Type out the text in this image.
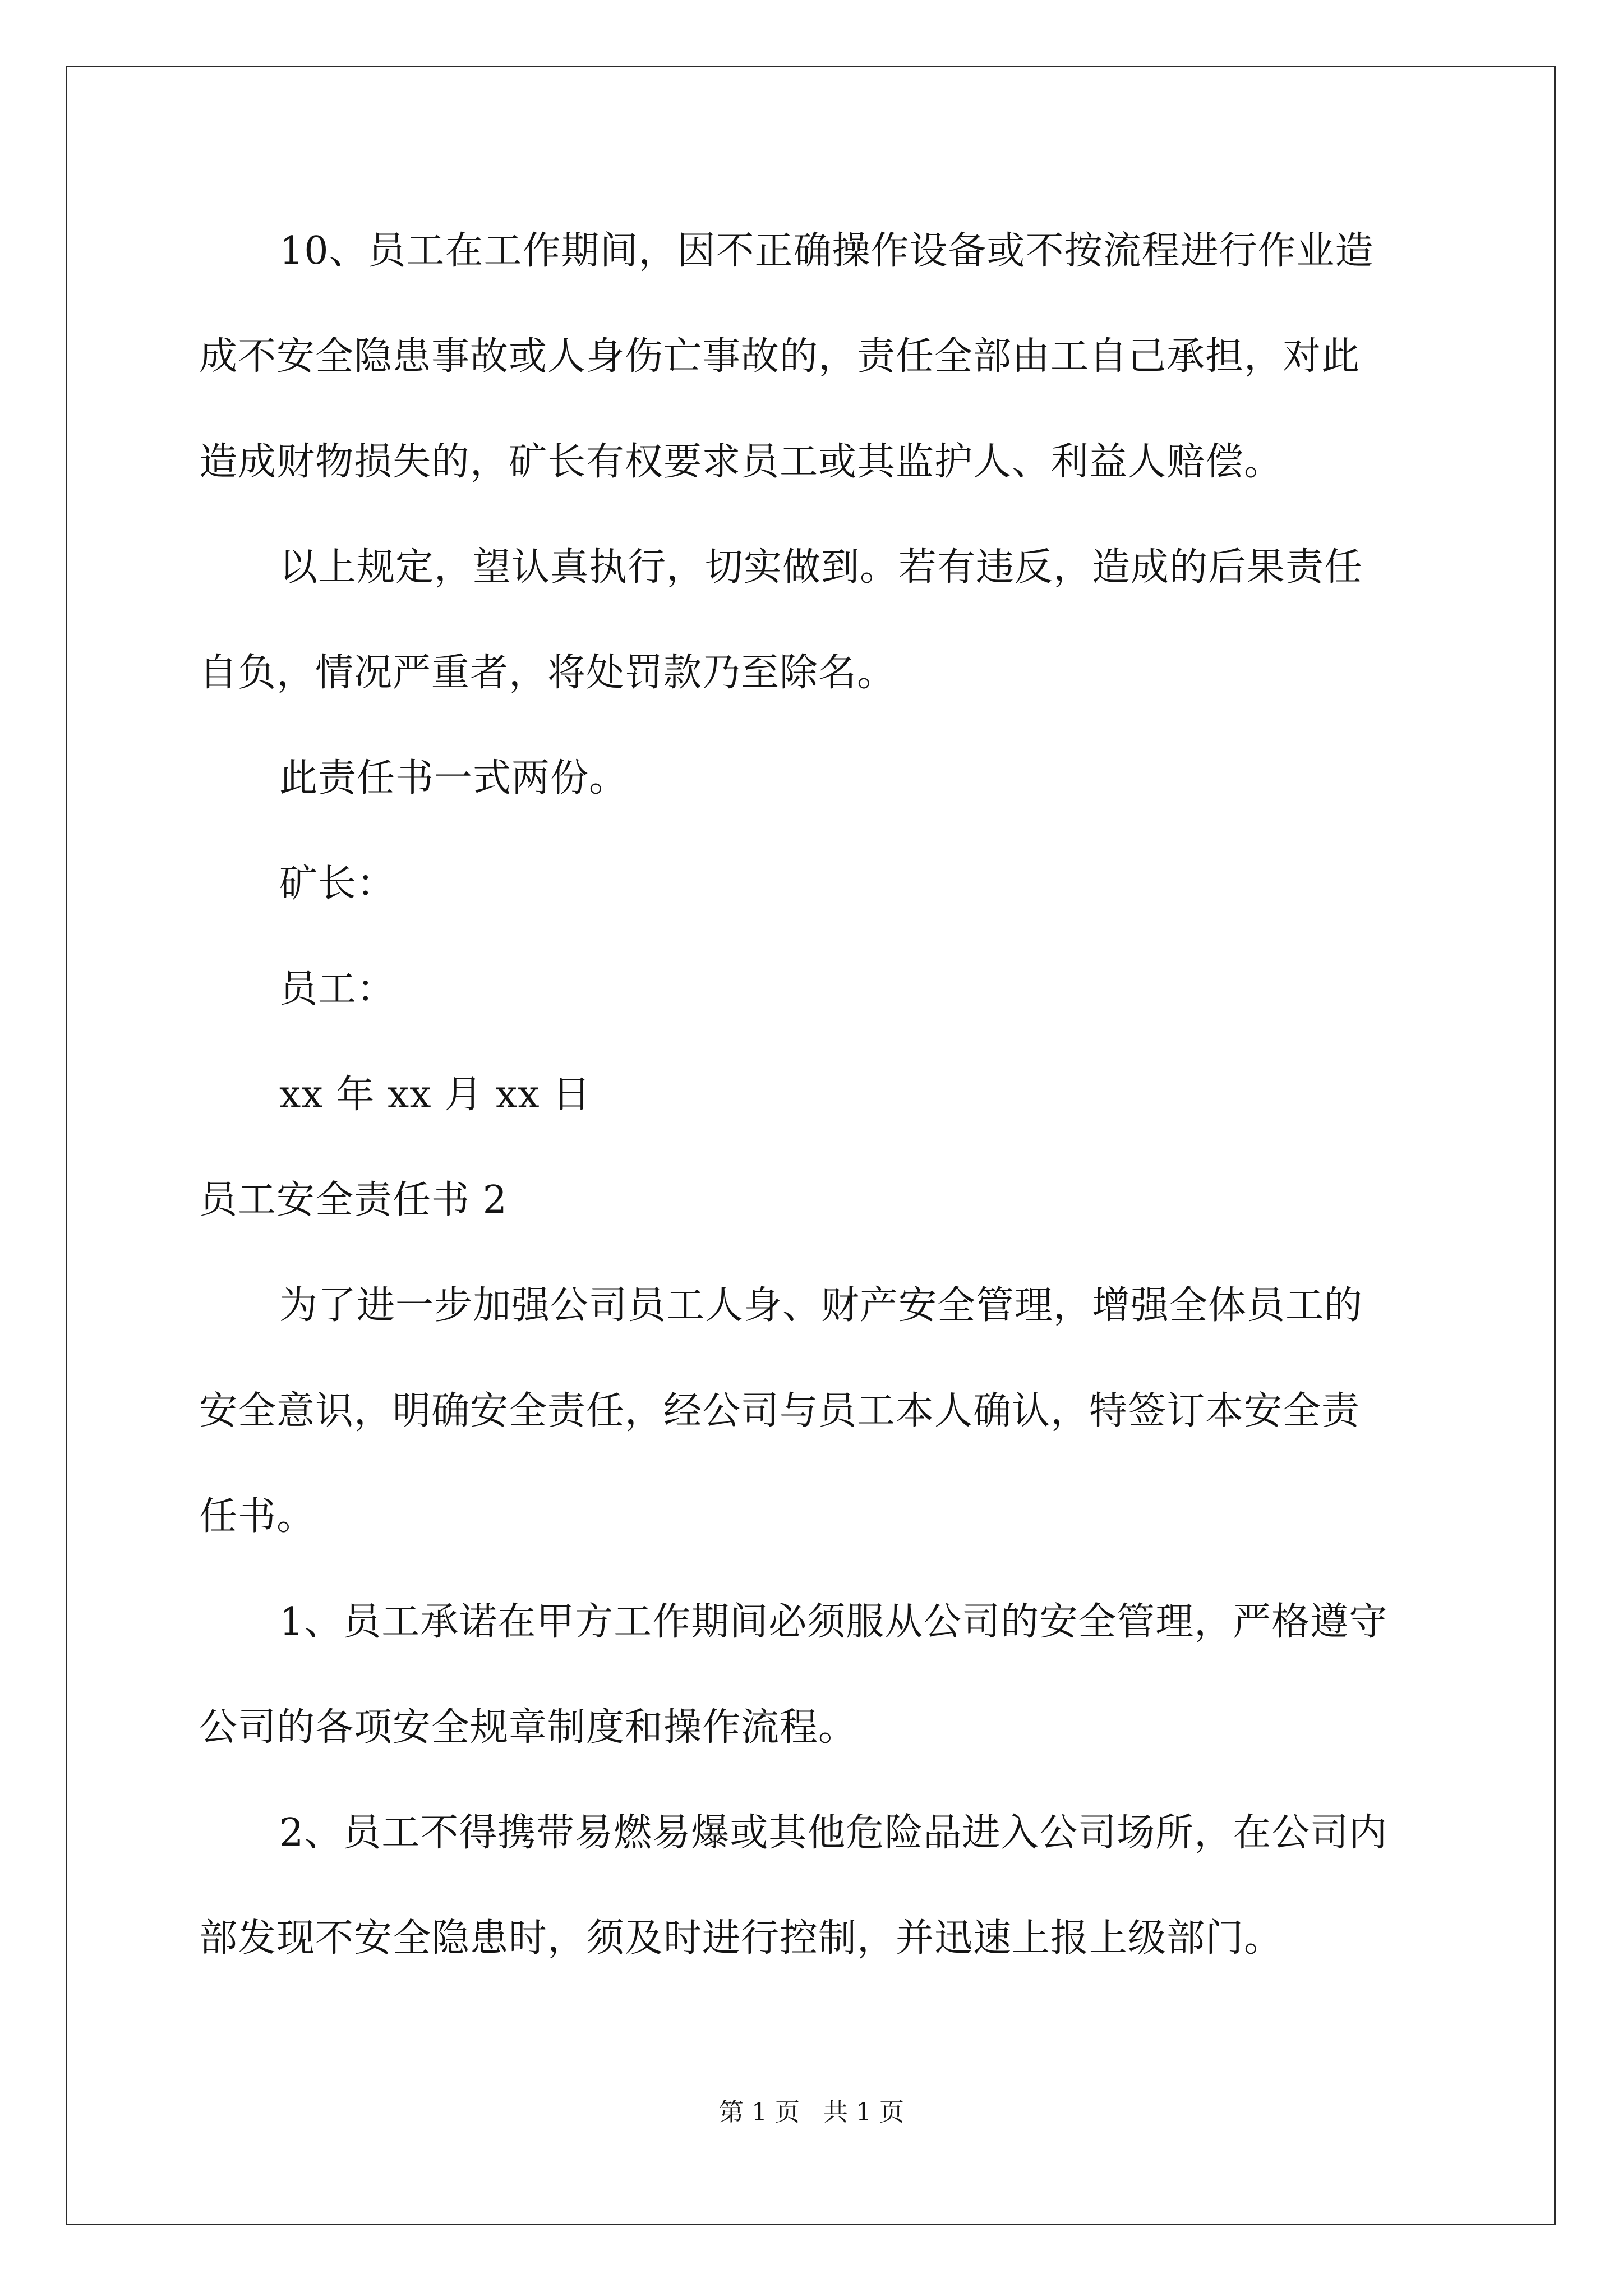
10、员工在工作期间，因不正确操作设备或不按流程进行作业造
成不安全隐患事故或人身伤亡事故的，责任全部由工自己承担，对此
造成财物损失的，矿长有权要求员工或其监护人、利益人赔偿。
以上规定，望认真执行，切实做到。若有违反，造成的后果责任
自负，情况严重者，将处罚款乃至除名。
此责任书一式两份。
矿长：
员工：
xx 年 xx 月 xx 日
员工安全责任书 2
为了进一步加强公司员工人身、财产安全管理，增强全体员工的
安全意识，明确安全责任，经公司与员工本人确认，特签订本安全责
任书。
1、员工承诺在甲方工作期间必须服从公司的安全管理，严格遵守
公司的各项安全规章制度和操作流程。
2、员工不得携带易燃易爆或其他危险品进入公司场所，在公司内
部发现不安全隐患时，须及时进行控制，并迅速上报上级部门。
第 1 页   共 1 页
